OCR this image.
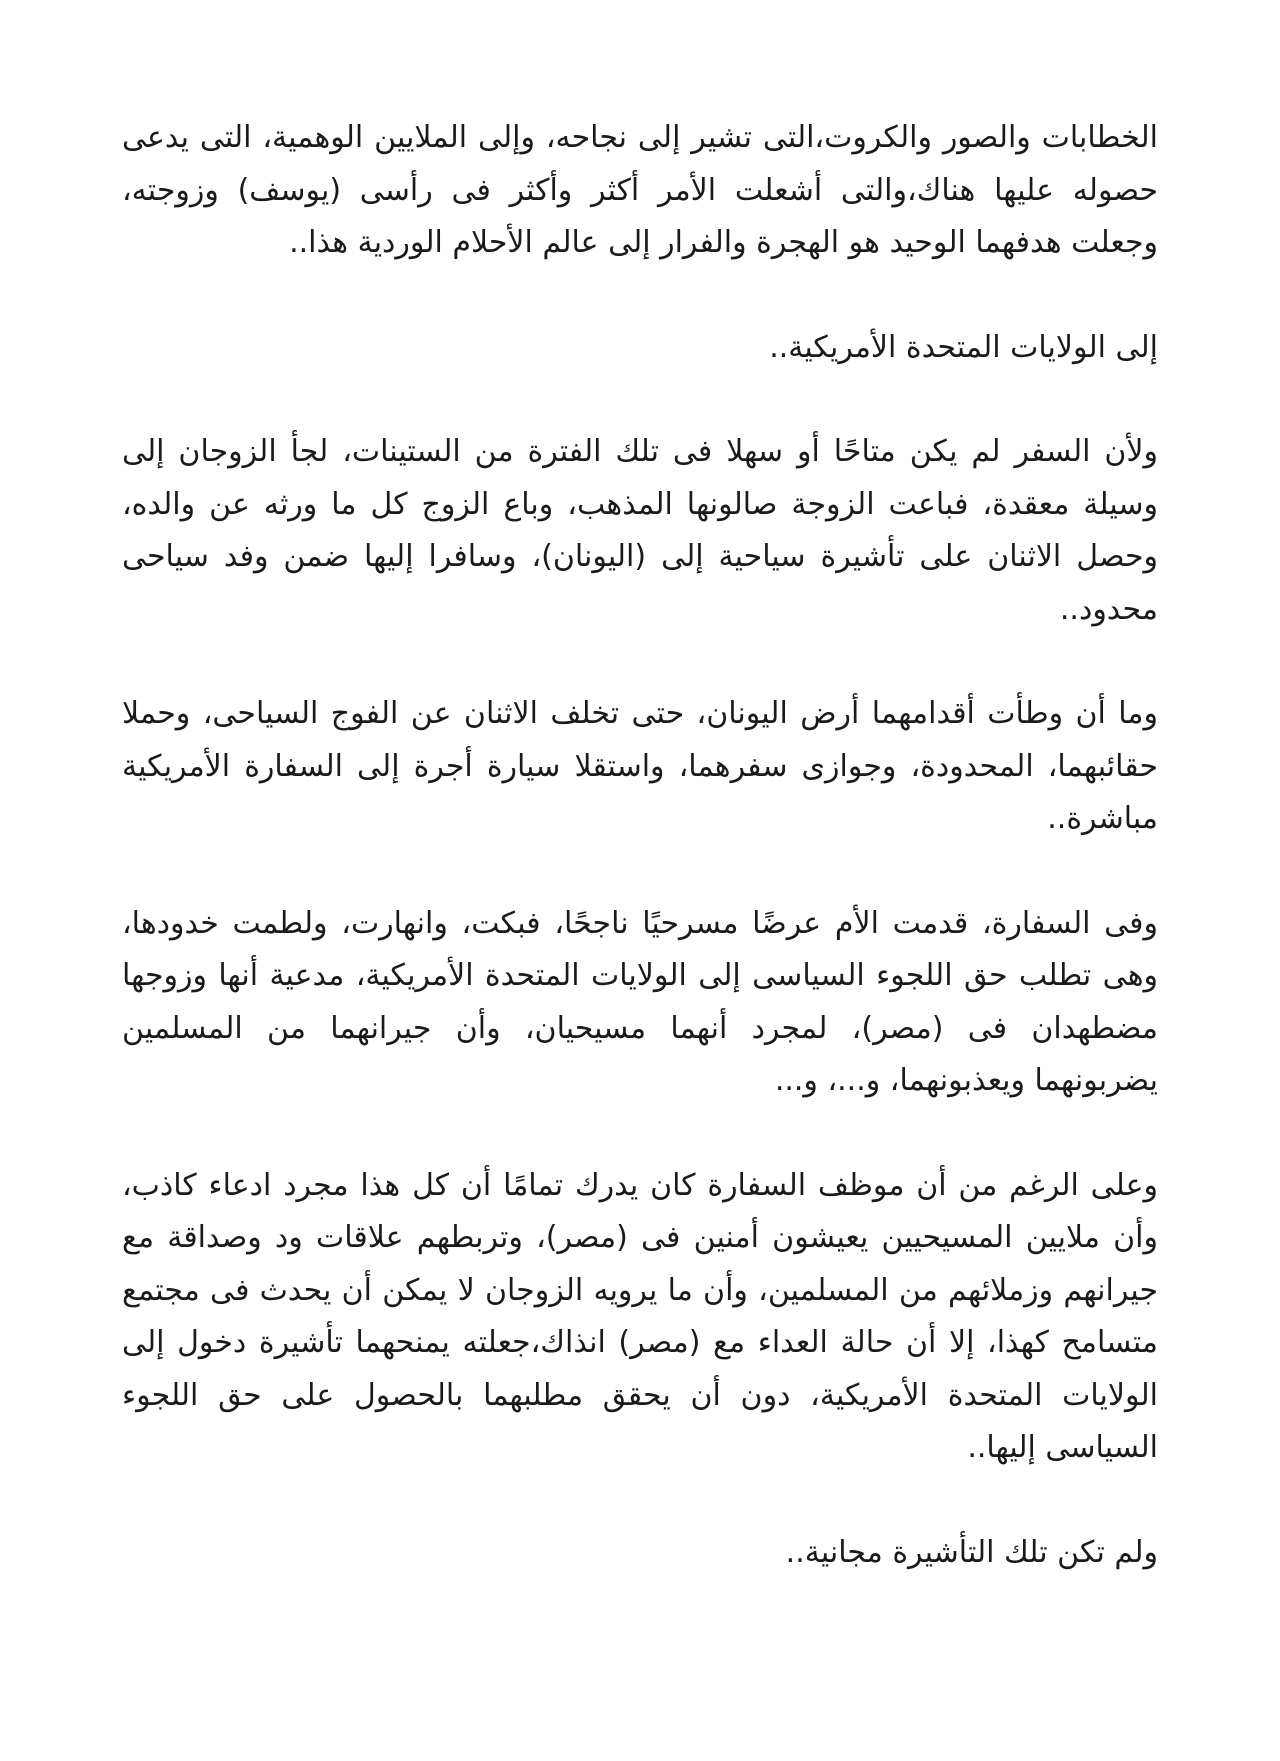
الخطابات والصور والكروت،التى تشير إلى نجاحه، وإلى الملايين الوهمية، التى يدعى حصوله عليها هناك،والتى أشعلت الأمر أكثر وأكثر فى رأسى (يوسف) وزوجته، وجعلت هدفهما الوحيد هو الهجرة والفرار إلى عالم الأحلام الوردية هذا..

إلى الولايات المتحدة الأمريكية..

ولأن السفر لم يكن متاحًا أو سهلا فى تلك الفترة من الستينات، لجأ الزوجان إلى وسيلة معقدة، فباعت الزوجة صالونها المذهب، وباع الزوج كل ما ورثه عن والده، وحصل الاثنان على تأشيرة سياحية إلى (اليونان)، وسافرا إليها ضمن وفد سياحى محدود..

وما أن وطأت أقدامهما أرض اليونان، حتى تخلف الاثنان عن الفوج السياحى، وحملا حقائبهما، المحدودة، وجوازى سفرهما، واستقلا سيارة أجرة إلى السفارة الأمريكية مباشرة..

وفى السفارة، قدمت الأم عرضًا مسرحيًا ناجحًا، فبكت، وانهارت، ولطمت خدودها، وهى تطلب حق اللجوء السياسى إلى الولايات المتحدة الأمريكية، مدعية أنها وزوجها مضطهدان فى (مصر)، لمجرد أنهما مسيحيان، وأن جيرانهما من المسلمين يضربونهما ويعذبونهما، و...، و...

وعلى الرغم من أن موظف السفارة كان يدرك تمامًا أن كل هذا مجرد ادعاء كاذب، وأن ملايين المسيحيين يعيشون أمنين فى (مصر)، وتربطهم علاقات ود وصداقة مع جيرانهم وزملائهم من المسلمين، وأن ما يرويه الزوجان لا يمكن أن يحدث فى مجتمع متسامح كهذا، إلا أن حالة العداء مع (مصر) انذاك،جعلته يمنحهما تأشيرة دخول إلى الولايات المتحدة الأمريكية، دون أن يحقق مطلبهما بالحصول على حق اللجوء السياسى إليها..

ولم تكن تلك التأشيرة مجانية..
